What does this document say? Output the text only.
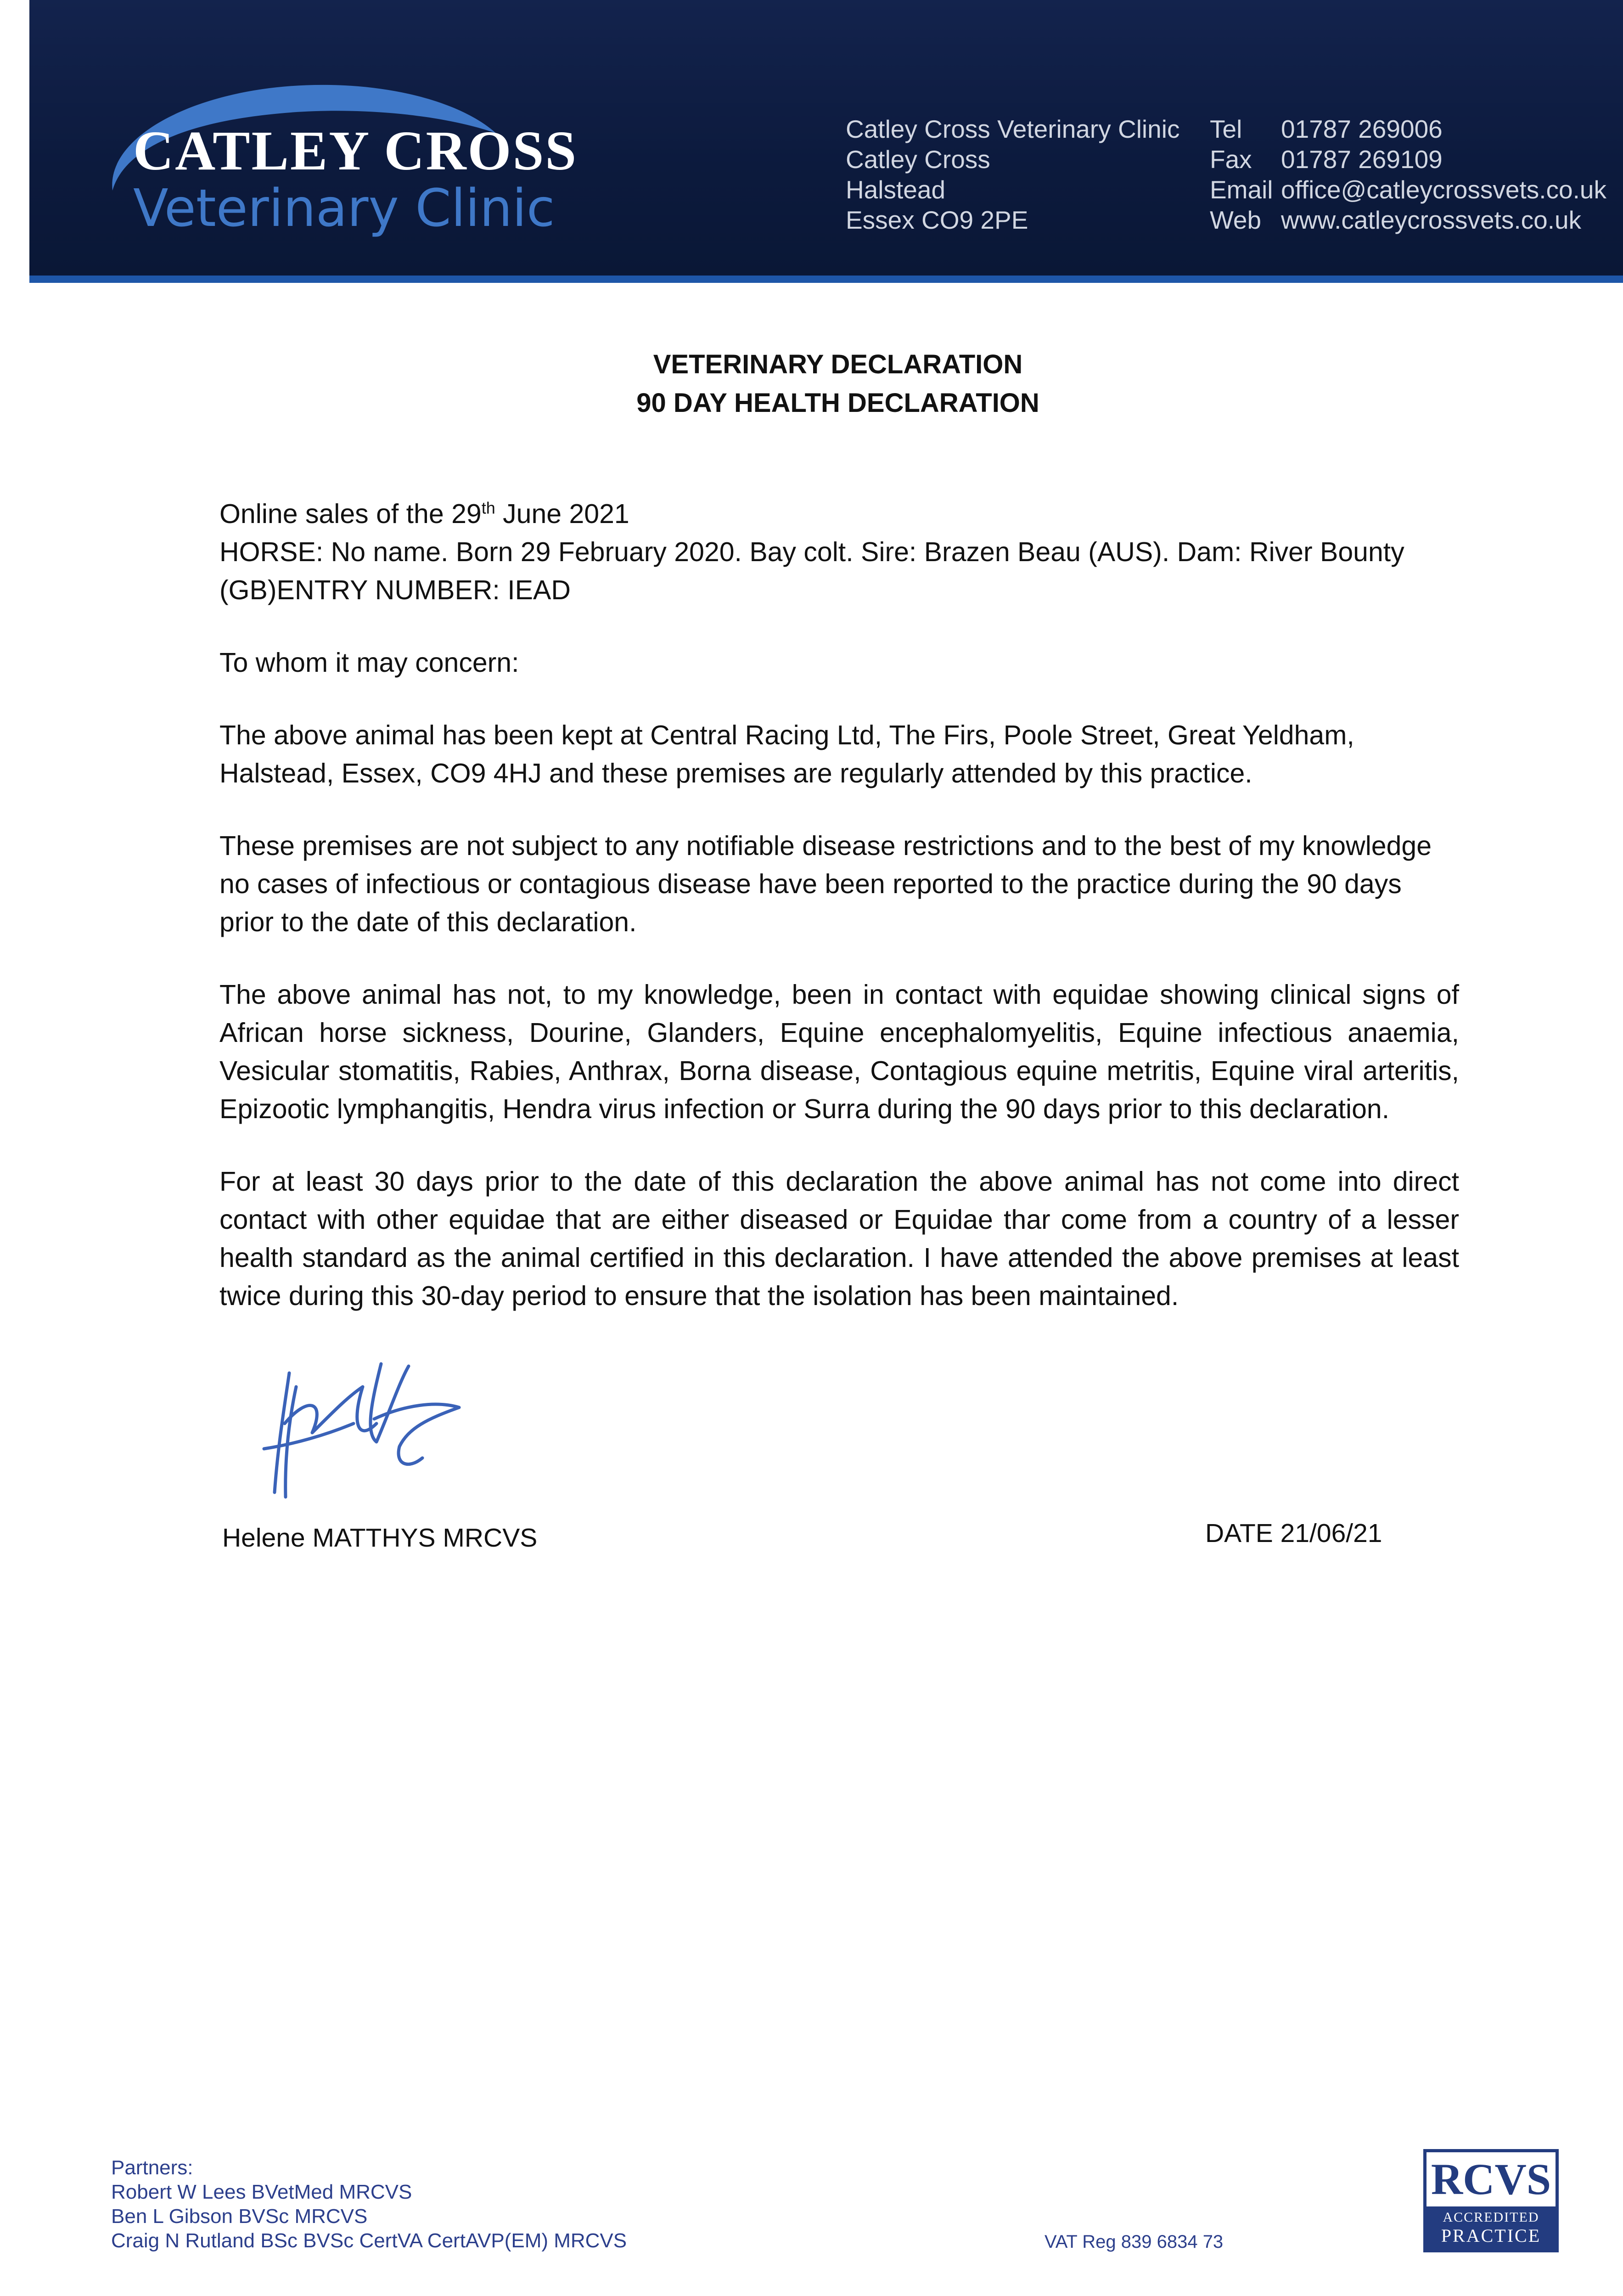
CATLEY CROSS
Veterinary Clinic
Catley Cross Veterinary Clinic
Catley Cross
Halstead
Essex CO9 2PE
Tel	01787 269006
Fax	01787 269109
Email office@catleycrossvets.co.uk
Web www.catleycrossvets.co.uk
VETERINARY DECLARATION
90 DAY HEALTH DECLARATION

Online sales of the 29th June 2021

HORSE: No name. Born 29 February 2020. Bay colt. Sire: Brazen Beau (AUS). Dam: River Bounty (GB)ENTRY NUMBER: IEAD

To whom it may concern:

The above animal has been kept at Central Racing Ltd, The Firs, Poole Street, Great Yeldham, Halstead, Essex, CO9 4HJ and these premises are regularly attended by this practice.

These premises are not subject to any notifiable disease restrictions and to the best of my knowledge no cases of infectious or contagious disease have been reported to the practice during the 90 days prior to the date of this declaration.

The above animal has not, to my knowledge, been in contact with equidae showing clinical signs of African horse sickness, Dourine, Glanders, Equine encephalomyelitis, Equine infectious anaemia, Vesicular stomatitis, Rabies, Anthrax, Borna disease, Contagious equine metritis, Equine viral arteritis, Epizootic lymphangitis, Hendra virus infection or Surra during the 90 days prior to this declaration.

For at least 30 days prior to the date of this declaration the above animal has not come into direct contact with other equidae that are either diseased or Equidae thar come from a country of a lesser health standard as the animal certified in this declaration. I have attended the above premises at least twice during this 30-day period to ensure that the isolation has been maintained.

Helene MATTHYS MRCVS	DATE 21/06/21
Partners:
Robert W Lees BVetMed MRCVS
Ben L Gibson BVSc MRCVS
Craig N Rutland BSc BVSc CertVA CertAVP(EM) MRCVS	VAT Reg 839 6834 73
RCVS
ACCREDITED
PRACTICE
